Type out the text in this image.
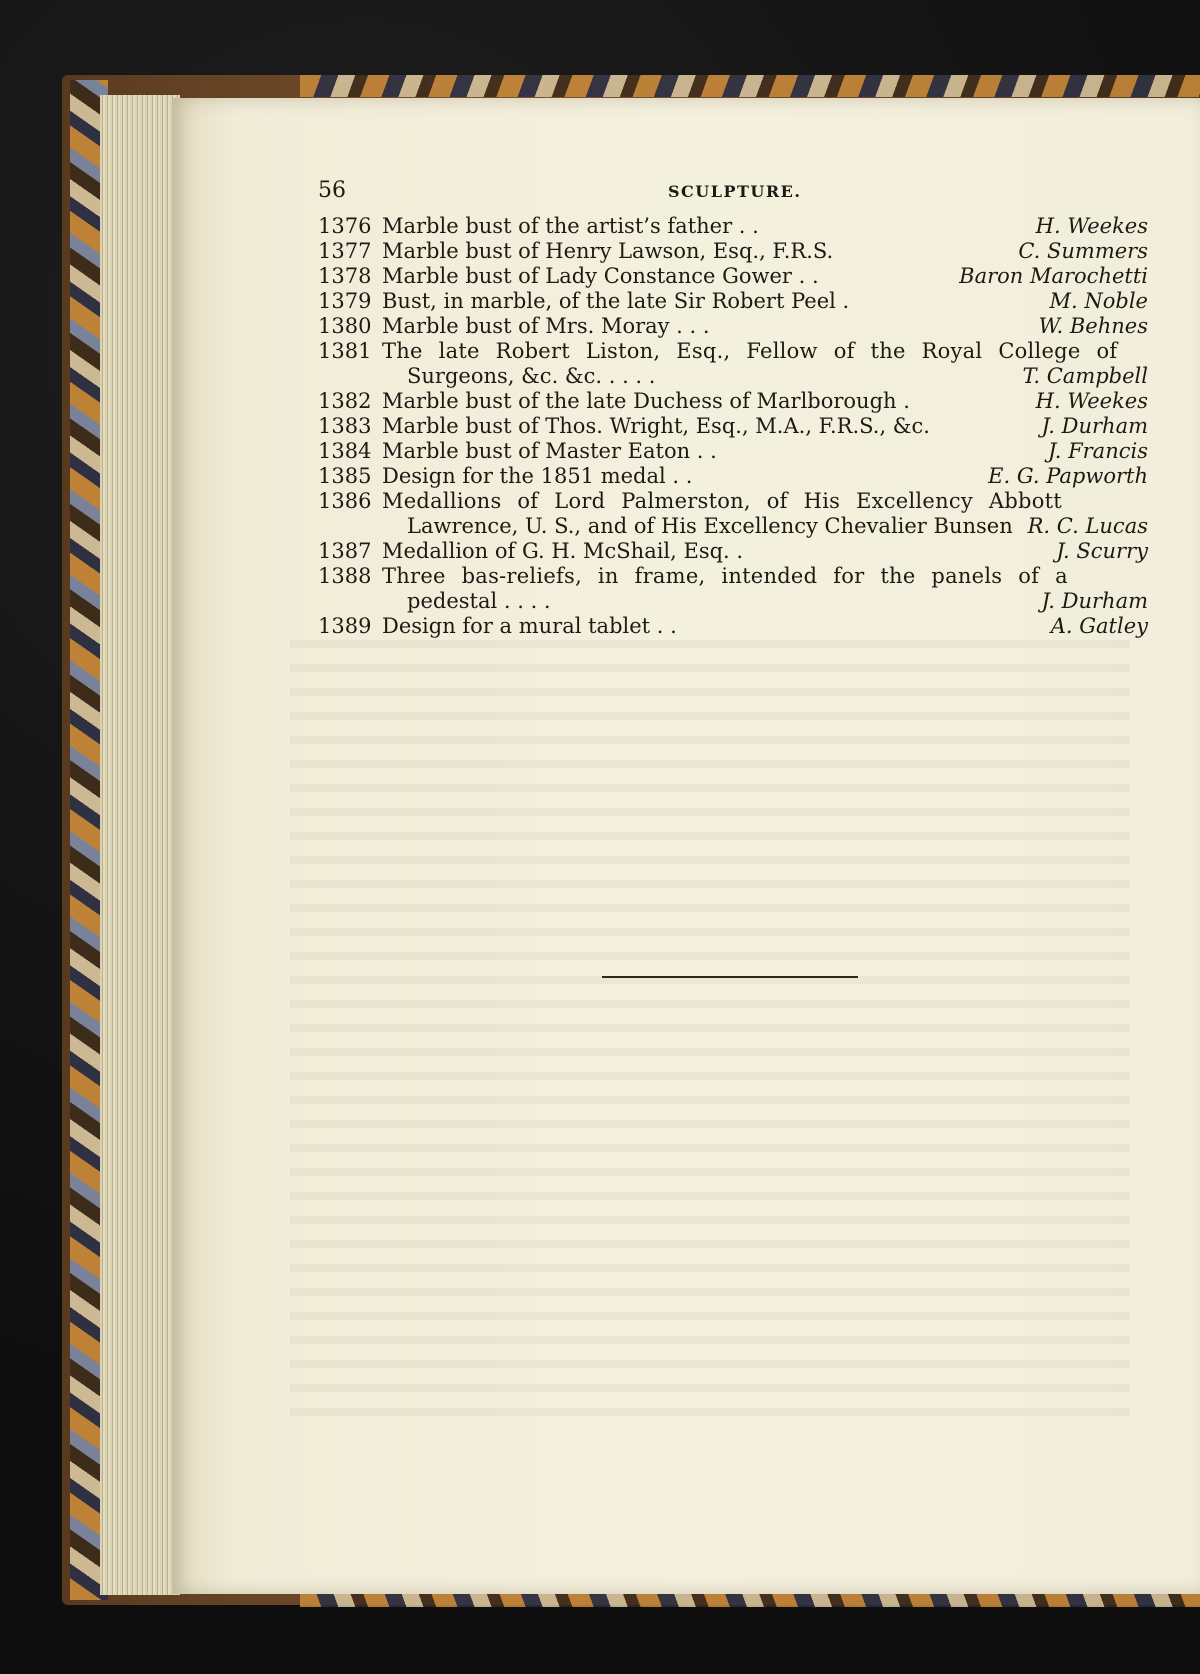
56	SCULPTURE.
1376 Marble bust of the artist’s father . .	H. Weekes
1377 Marble bust of Henry Lawson, Esq., F.R.S.	C. Summers
1378 Marble bust of Lady Constance Gower . .	Baron Marochetti
1379 Bust, in marble, of the late Sir Robert Peel .	M. Noble
1380 Marble bust of Mrs. Moray . . .	W. Behnes
1381 The late Robert Liston, Esq., Fellow of the Royal College of
Surgeons, &c. &c. . . . .	T. Campbell
1382 Marble bust of the late Duchess of Marlborough .	H. Weekes
1383 Marble bust of Thos. Wright, Esq., M.A., F.R.S., &c.	J. Durham
1384 Marble bust of Master Eaton . .	J. Francis
1385 Design for the 1851 medal . .	E. G. Papworth
1386 Medallions of Lord Palmerston, of His Excellency Abbott
Lawrence, U. S., and of His Excellency Chevalier Bunsen R. C. Lucas
1387 Medallion of G. H. McShail, Esq. .	J. Scurry
1388 Three bas-reliefs, in frame, intended for the panels of a
pedestal . . . .	J. Durham
1389 Design for a mural tablet . .	A. Gatley
